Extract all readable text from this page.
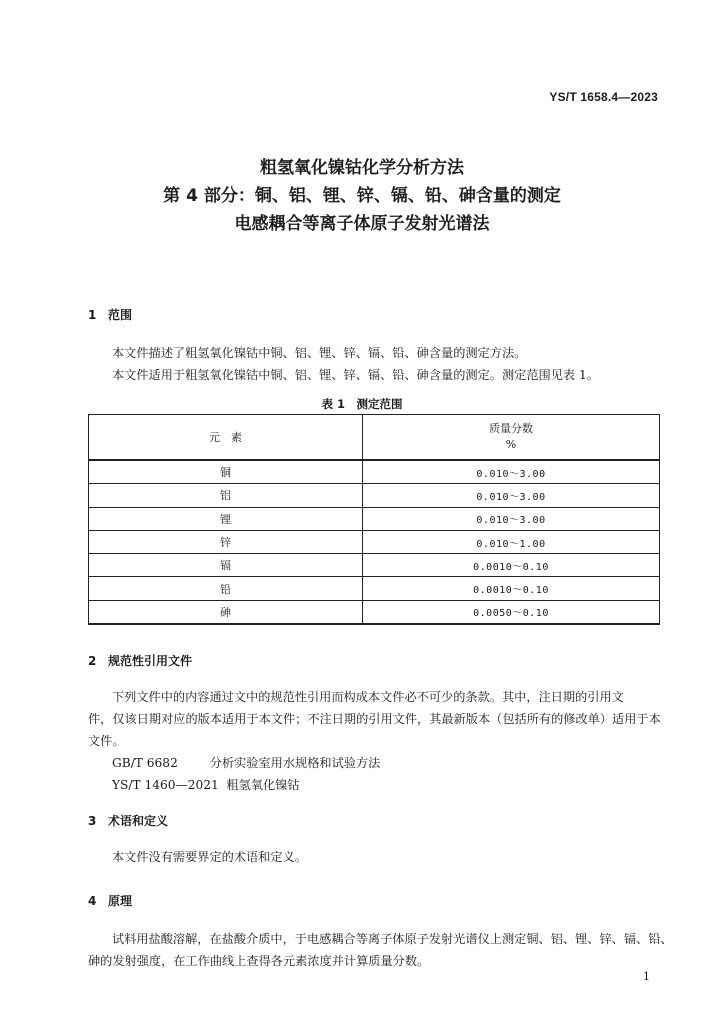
YS/T 1658.4—2023
粗氢氧化镍钴化学分析方法
第 4 部分：铜、铝、锂、锌、镉、铅、砷含量的测定
电感耦合等离子体原子发射光谱法
1 范围
本文件描述了粗氢氧化镍钴中铜、铝、锂、锌、镉、铅、砷含量的测定方法。
本文件适用于粗氢氧化镍钴中铜、铝、锂、锌、镉、铅、砷含量的测定。测定范围见表 1。
表 1　测定范围
元　素	质量分数
%

铜	0.010～3.00
铝	0.010～3.00
锂	0.010～3.00
锌	0.010～1.00
镉	0.0010～0.10
铅	0.0010～0.10
砷	0.0050～0.10
2 规范性引用文件
下列文件中的内容通过文中的规范性引用而构成本文件必不可少的条款。其中，注日期的引用文
件，仅该日期对应的版本适用于本文件；不注日期的引用文件，其最新版本（包括所有的修改单）适用于本
文件。
GB/T 6682	分析实验室用水规格和试验方法
YS/T 1460—2021 粗氢氧化镍钴
3 术语和定义
本文件没有需要界定的术语和定义。
4 原理
试料用盐酸溶解，在盐酸介质中，于电感耦合等离子体原子发射光谱仪上测定铜、铝、锂、锌、镉、铅、
砷的发射强度，在工作曲线上查得各元素浓度并计算质量分数。
1
